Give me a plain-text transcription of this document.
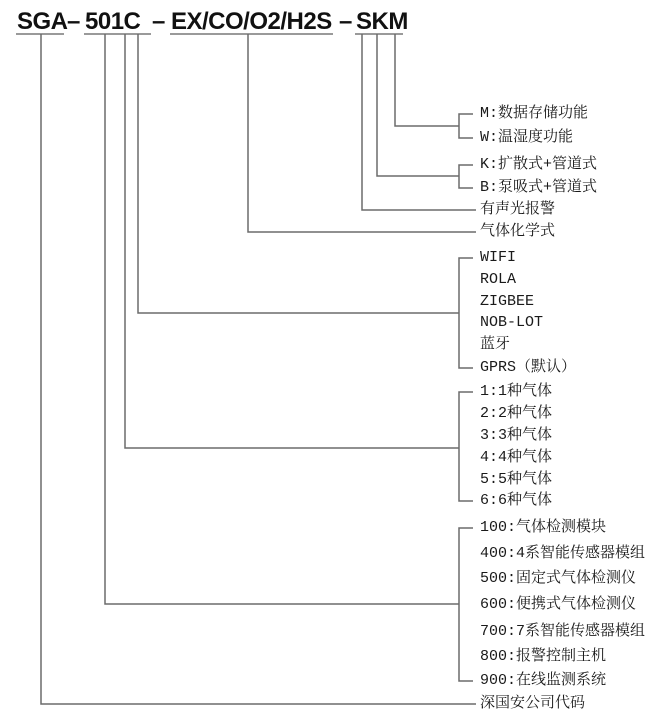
SGA – 501C – EX/CO/O2/H2S – SKM
M:数据存储功能
W:温湿度功能
K:扩散式+管道式
B:泵吸式+管道式
有声光报警
气体化学式
WIFI
ROLA
ZIGBEE
NOB-LOT
蓝牙
GPRS（默认）
1:1种气体
2:2种气体
3:3种气体
4:4种气体
5:5种气体
6:6种气体
100:气体检测模块
400:4系智能传感器模组
500:固定式气体检测仪
600:便携式气体检测仪
700:7系智能传感器模组
800:报警控制主机
900:在线监测系统
深国安公司代码
